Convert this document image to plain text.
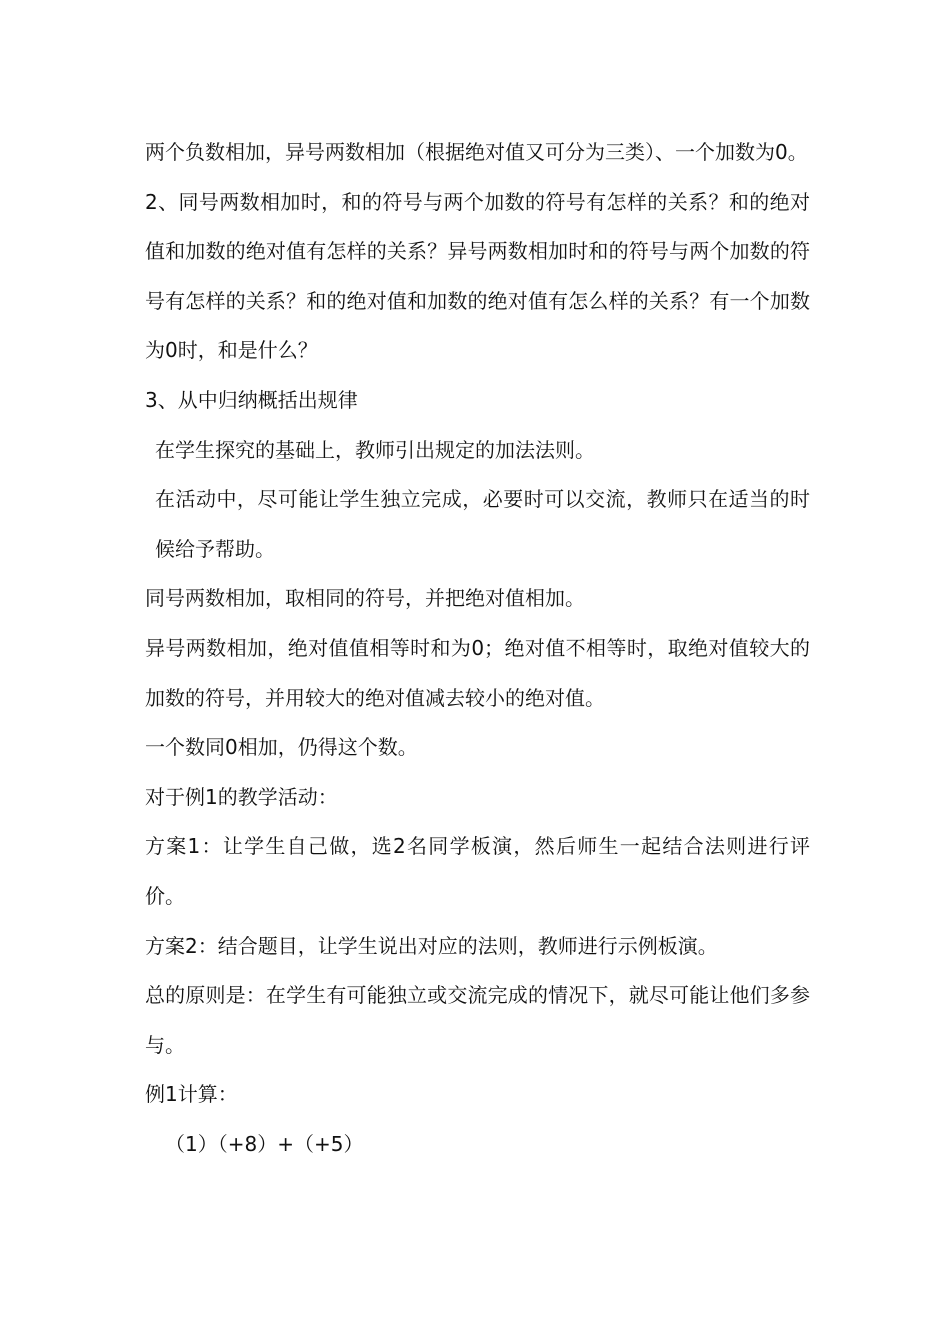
两个负数相加，异号两数相加（根据绝对值又可分为三类）、一个加数为0。

2、同号两数相加时，和的符号与两个加数的符号有怎样的关系？和的绝对值和加数的绝对值有怎样的关系？异号两数相加时和的符号与两个加数的符号有怎样的关系？和的绝对值和加数的绝对值有怎么样的关系？有一个加数为0时，和是什么？

3、从中归纳概括出规律

在学生探究的基础上，教师引出规定的加法法则。

在活动中，尽可能让学生独立完成，必要时可以交流，教师只在适当的时候给予帮助。

同号两数相加，取相同的符号，并把绝对值相加。

异号两数相加，绝对值值相等时和为0；绝对值不相等时，取绝对值较大的加数的符号，并用较大的绝对值减去较小的绝对值。

一个数同0相加，仍得这个数。

对于例1的教学活动：

方案1：让学生自己做，选2名同学板演，然后师生一起结合法则进行评价。

方案2：结合题目，让学生说出对应的法则，教师进行示例板演。

总的原则是：在学生有可能独立或交流完成的情况下，就尽可能让他们多参与。

例1计算：

（1）（+8）+（+5）
